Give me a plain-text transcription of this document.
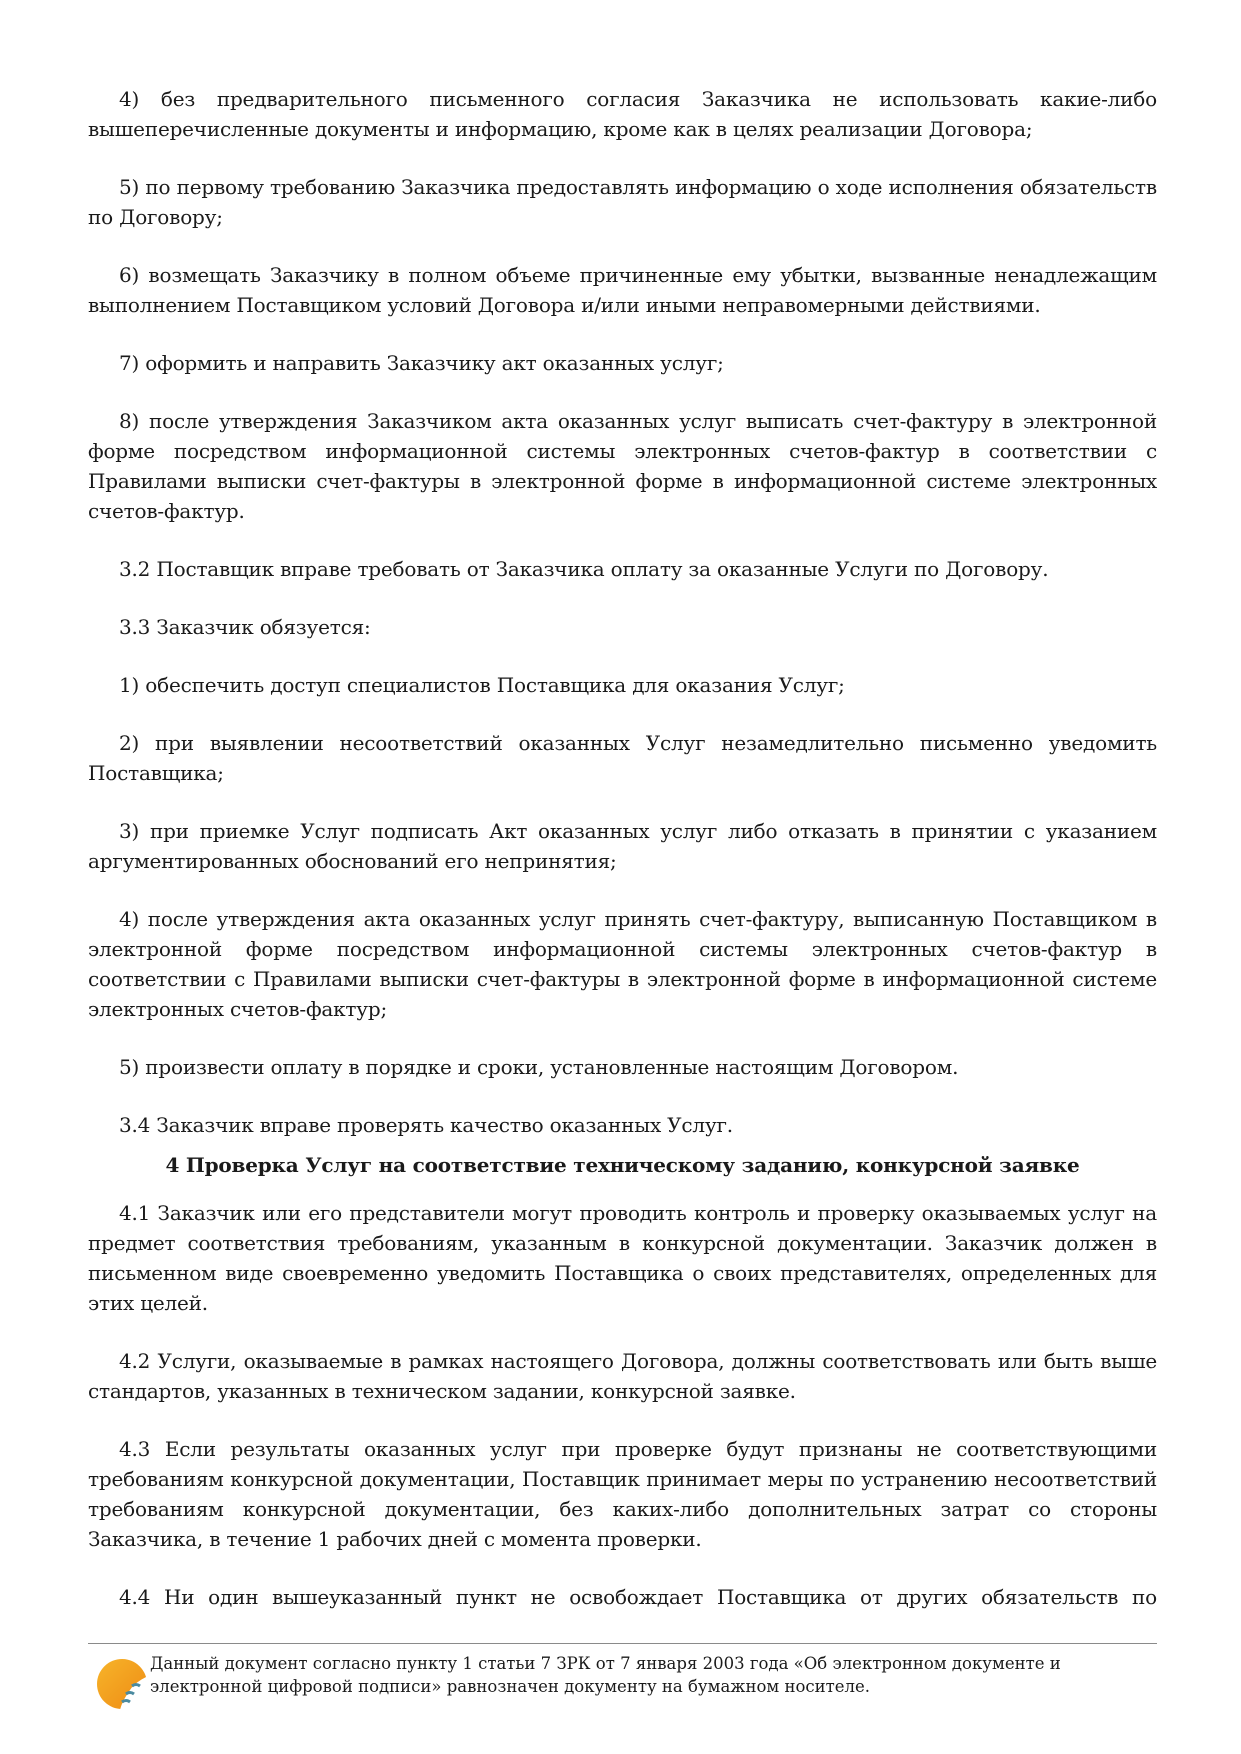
4) без предварительного письменного согласия Заказчика не использовать какие-либо вышеперечисленные документы и информацию, кроме как в целях реализации Договора;

5) по первому требованию Заказчика предоставлять информацию о ходе исполнения обязательств по Договору;

6) возмещать Заказчику в полном объеме причиненные ему убытки, вызванные ненадлежащим выполнением Поставщиком условий Договора и/или иными неправомерными действиями.

7) оформить и направить Заказчику акт оказанных услуг;

8) после утверждения Заказчиком акта оказанных услуг выписать счет-фактуру в электронной форме посредством информационной системы электронных счетов-фактур в соответствии с Правилами выписки счет-фактуры в электронной форме в информационной системе электронных счетов-фактур.

3.2 Поставщик вправе требовать от Заказчика оплату за оказанные Услуги по Договору.

3.3 Заказчик обязуется:

1) обеспечить доступ специалистов Поставщика для оказания Услуг;

2) при выявлении несоответствий оказанных Услуг незамедлительно письменно уведомить Поставщика;

3) при приемке Услуг подписать Акт оказанных услуг либо отказать в принятии с указанием аргументированных обоснований его непринятия;

4) после утверждения акта оказанных услуг принять счет-фактуру, выписанную Поставщиком в электронной форме посредством информационной системы электронных счетов-фактур в соответствии с Правилами выписки счет-фактуры в электронной форме в информационной системе электронных счетов-фактур;

5) произвести оплату в порядке и сроки, установленные настоящим Договором.

3.4 Заказчик вправе проверять качество оказанных Услуг.

4 Проверка Услуг на соответствие техническому заданию, конкурсной заявке

4.1 Заказчик или его представители могут проводить контроль и проверку оказываемых услуг на предмет соответствия требованиям, указанным в конкурсной документации. Заказчик должен в письменном виде своевременно уведомить Поставщика о своих представителях, определенных для этих целей.

4.2 Услуги, оказываемые в рамках настоящего Договора, должны соответствовать или быть выше стандартов, указанных в техническом задании, конкурсной заявке.

4.3 Если результаты оказанных услуг при проверке будут признаны не соответствующими требованиям конкурсной документации, Поставщик принимает меры по устранению несоответствий требованиям конкурсной документации, без каких-либо дополнительных затрат со стороны Заказчика, в течение 1 рабочих дней с момента проверки.

4.4 Ни один вышеуказанный пункт не освобождает Поставщика от других обязательств по

Данный документ согласно пункту 1 статьи 7 ЗРК от 7 января 2003 года «Об электронном документе и
электронной цифровой подписи» равнозначен документу на бумажном носителе.
